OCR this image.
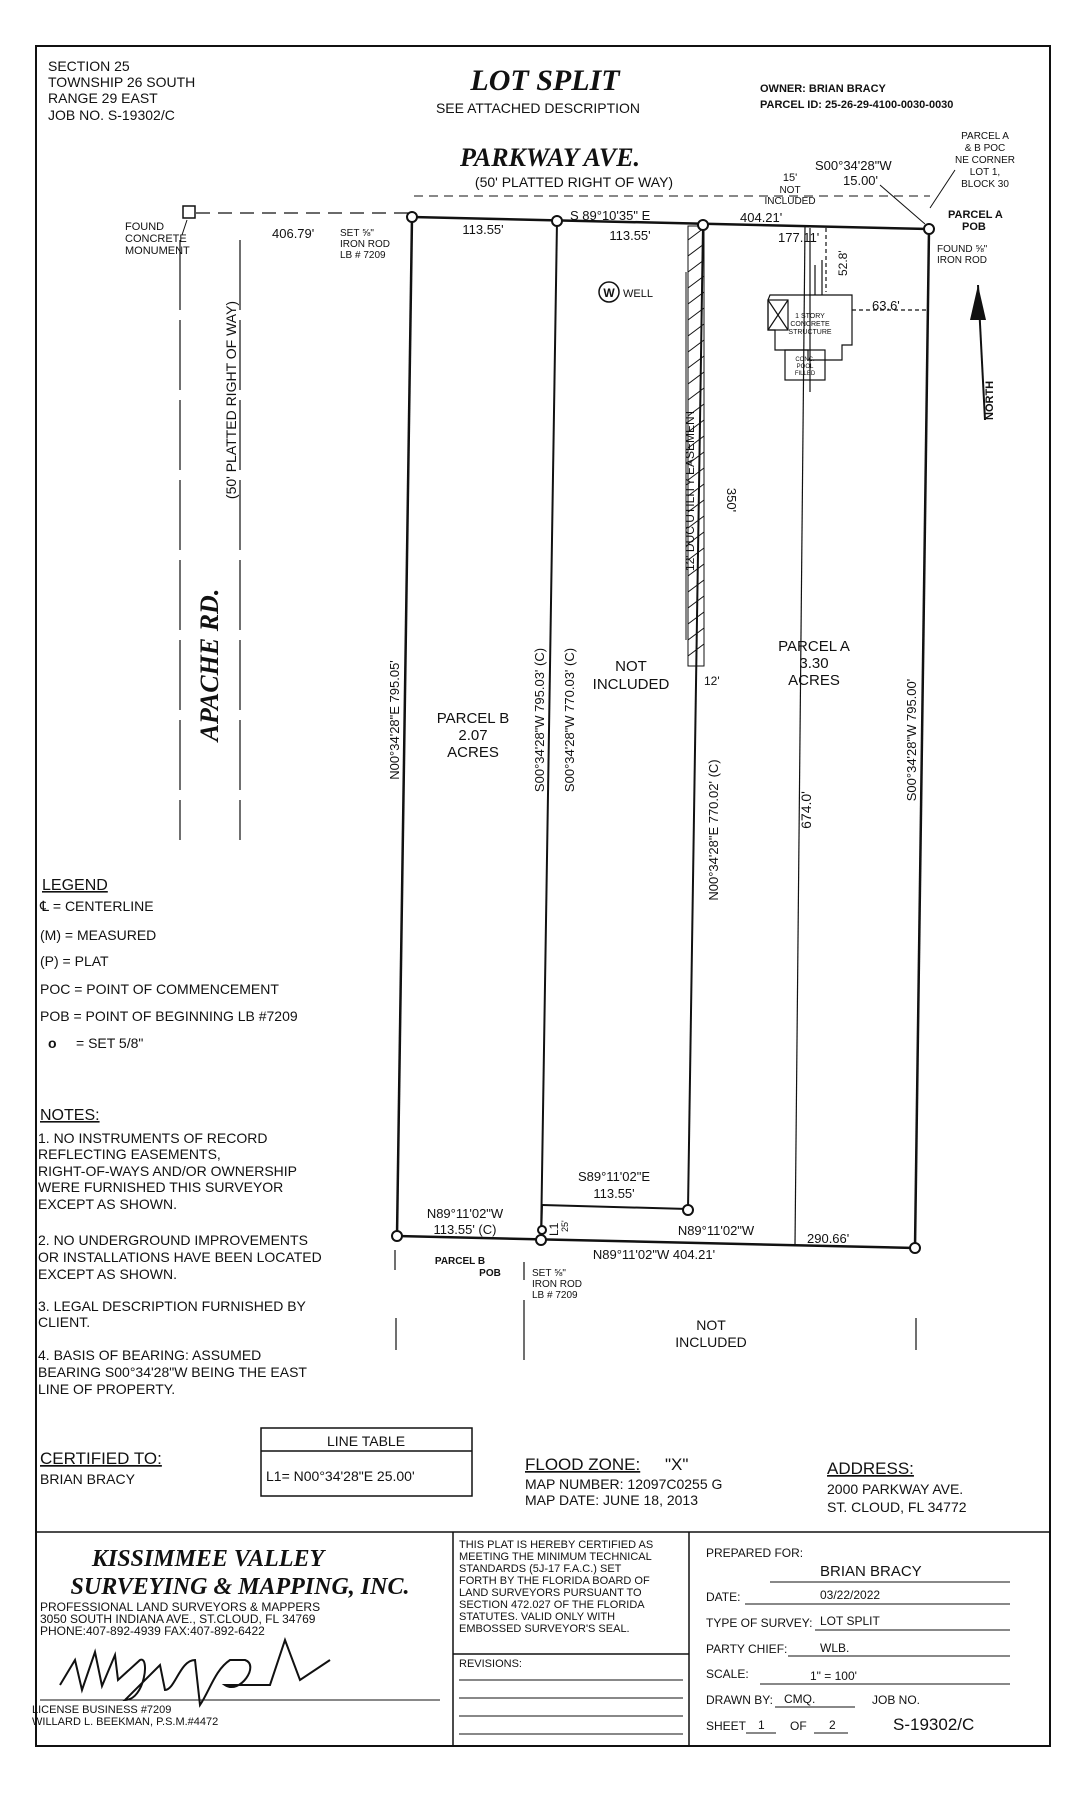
SECTION 25
TOWNSHIP 26 SOUTH
RANGE 29 EAST
JOB NO. S-19302/C
LOT SPLIT
SEE ATTACHED DESCRIPTION
OWNER: BRIAN BRACY
PARCEL ID: 25-26-29-4100-0030-0030
PARKWAY AVE.
(50' PLATTED RIGHT OF WAY)
APACHE RD.
(50' PLATTED RIGHT OF WAY)
FOUND
CONCRETE
MONUMENT
12' DUC UTILITY EASEMENT
406.79'	SET ⅝"
IRON ROD
LB # 7209
113.55'
S 89°10'35" E
113.55'
404.21'
15'
NOT
INCLUDED
S00°34'28"W
15.00'
177.11'
PARCEL A
& B POC
NE CORNER
LOT 1,
BLOCK 30
PARCEL A
POB
FOUND ⅝"
IRON ROD
NORTH
1 STORY
CONCRETE
STRUCTURE
CONC.
POOL
FILLED
52.8'
63.6'
W WELL
PARCEL B
2.07
ACRES
NOT
INCLUDED
PARCEL A
3.30
ACRES
N00°34'28"E 795.05'	S00°34'28"W 795.03' (C) S00°34'28"W 770.03' (C)
N00°34'28"E 770.02' (C)
S00°34'28"W 795.00'
350'
674.0'
12'
S89°11'02"E
113.55'
N89°11'02"W
113.55' (C)	L1 25'	N89°11'02"W
N89°11'02"W 404.21'
290.66'
PARCEL B
POB	SET ⅝"
IRON ROD
LB # 7209
NOT
INCLUDED
LEGEND
℄ = CENTERLINE
(M) = MEASURED
(P) = PLAT
POC = POINT OF COMMENCEMENT
POB = POINT OF BEGINNING LB #7209
o = SET 5/8"
NOTES:
1. NO INSTRUMENTS OF RECORD
REFLECTING EASEMENTS,
RIGHT-OF-WAYS AND/OR OWNERSHIP
WERE FURNISHED THIS SURVEYOR
EXCEPT AS SHOWN.
2. NO UNDERGROUND IMPROVEMENTS
OR INSTALLATIONS HAVE BEEN LOCATED
EXCEPT AS SHOWN.
3. LEGAL DESCRIPTION FURNISHED BY
CLIENT.
4. BASIS OF BEARING: ASSUMED
BEARING S00°34'28"W BEING THE EAST
LINE OF PROPERTY.
CERTIFIED TO:
BRIAN BRACY
LINE TABLE
L1= N00°34'28"E 25.00'
FLOOD ZONE: "X"
MAP NUMBER: 12097C0255 G
MAP DATE: JUNE 18, 2013
ADDRESS:
2000 PARKWAY AVE.
ST. CLOUD, FL 34772
KISSIMMEE VALLEY
SURVEYING & MAPPING, INC.
PROFESSIONAL LAND SURVEYORS & MAPPERS
3050 SOUTH INDIANA AVE., ST.CLOUD, FL 34769
PHONE:407-892-4939 FAX:407-892-6422
LICENSE BUSINESS #7209
WILLARD L. BEEKMAN, P.S.M.#4472
THIS PLAT IS HEREBY CERTIFIED AS
MEETING THE MINIMUM TECHNICAL
STANDARDS (5J-17 F.A.C.) SET
FORTH BY THE FLORIDA BOARD OF
LAND SURVEYORS PURSUANT TO
SECTION 472.027 OF THE FLORIDA
STATUTES. VALID ONLY WITH
EMBOSSED SURVEYOR'S SEAL.
REVISIONS:
PREPARED FOR:
BRIAN BRACY
DATE:	03/22/2022
TYPE OF SURVEY: LOT SPLIT
PARTY CHIEF:	WLB.
SCALE:	1" = 100'
DRAWN BY: CMQ.	JOB NO.
SHEET 1 OF 2	S-19302/C
